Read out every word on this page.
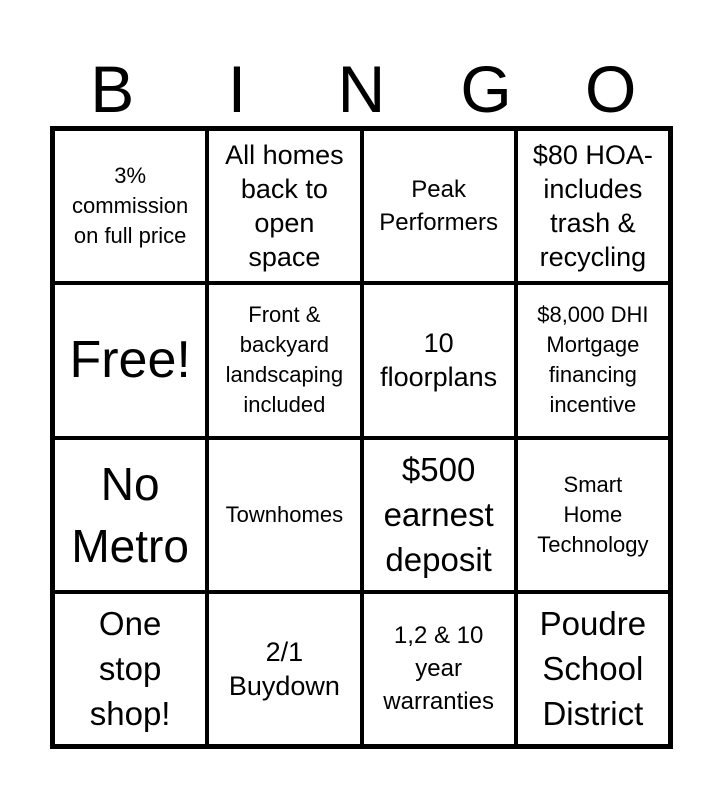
B	I	N	G	O
3%
commission
on full price
All homes
back to
open
space
Peak
Performers
$80 HOA-
includes
trash &
recycling
Free!
Front &
backyard
landscaping
included
10
floorplans
$8,000 DHI
Mortgage
financing
incentive
No
Metro
Townhomes
$500
earnest
deposit
Smart
Home
Technology
One
stop
shop!
2/1
Buydown
1,2 & 10
year
warranties
Poudre
School
District
